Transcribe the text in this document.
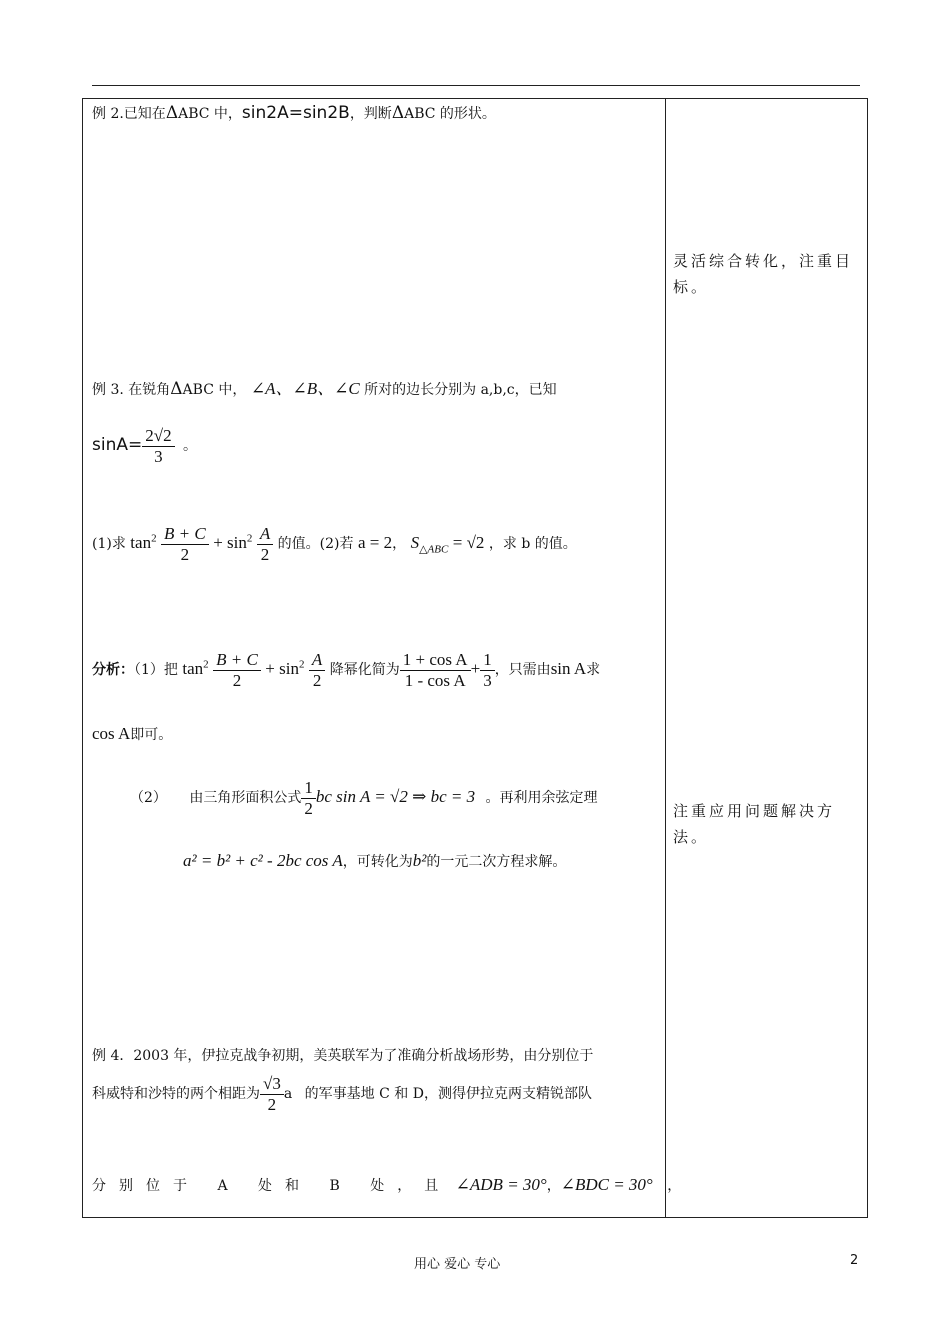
例 2.已知在ΔABC 中，sin2A=sin2B，判断ΔABC 的形状。
灵活综合转化，注重目标。
例 3. 在锐角ΔABC 中， ∠A、∠B、∠C 所对的边长分别为 a,b,c，已知
$\sin A= \frac{2√2}{3}$ 。
(1)求 $\tan^2 \frac{B + C}{2} + \sin^2 \frac{A}{2}$ 的值。(2)若 a = 2， $S_{\triangle ABC} = √2$ ，求 b 的值。
分析：（1）把 $\tan^2 \frac{B + C}{2} + \sin^2 \frac{A}{2}$ 降幂化简为 $\frac{\text{1 + cos A}}{\text{1 - cos A}} + \frac{1}{3}$ ，只需由sin A求
cos A即可。
（2） 由三角形面积公式 $\frac{1}{2}$ bc sin A = √2 ⇒ bc = 3 。再利用余弦定理
a² = b² + c² - 2bc cos A，可转化为b²的一元二次方程求解。
注重应用问题解决方法。
例 4．2003 年，伊拉克战争初期，美英联军为了准确分析战场形势，由分别位于
科威特和沙特的两个相距为 $\frac{√3}{2}$ a 的军事基地 C 和 D，测得伊拉克两支精锐部队
分别位于 A 处和 B 处，且 ∠ADB = 30°，∠BDC = 30° ，
用心 爱心 专心	2
